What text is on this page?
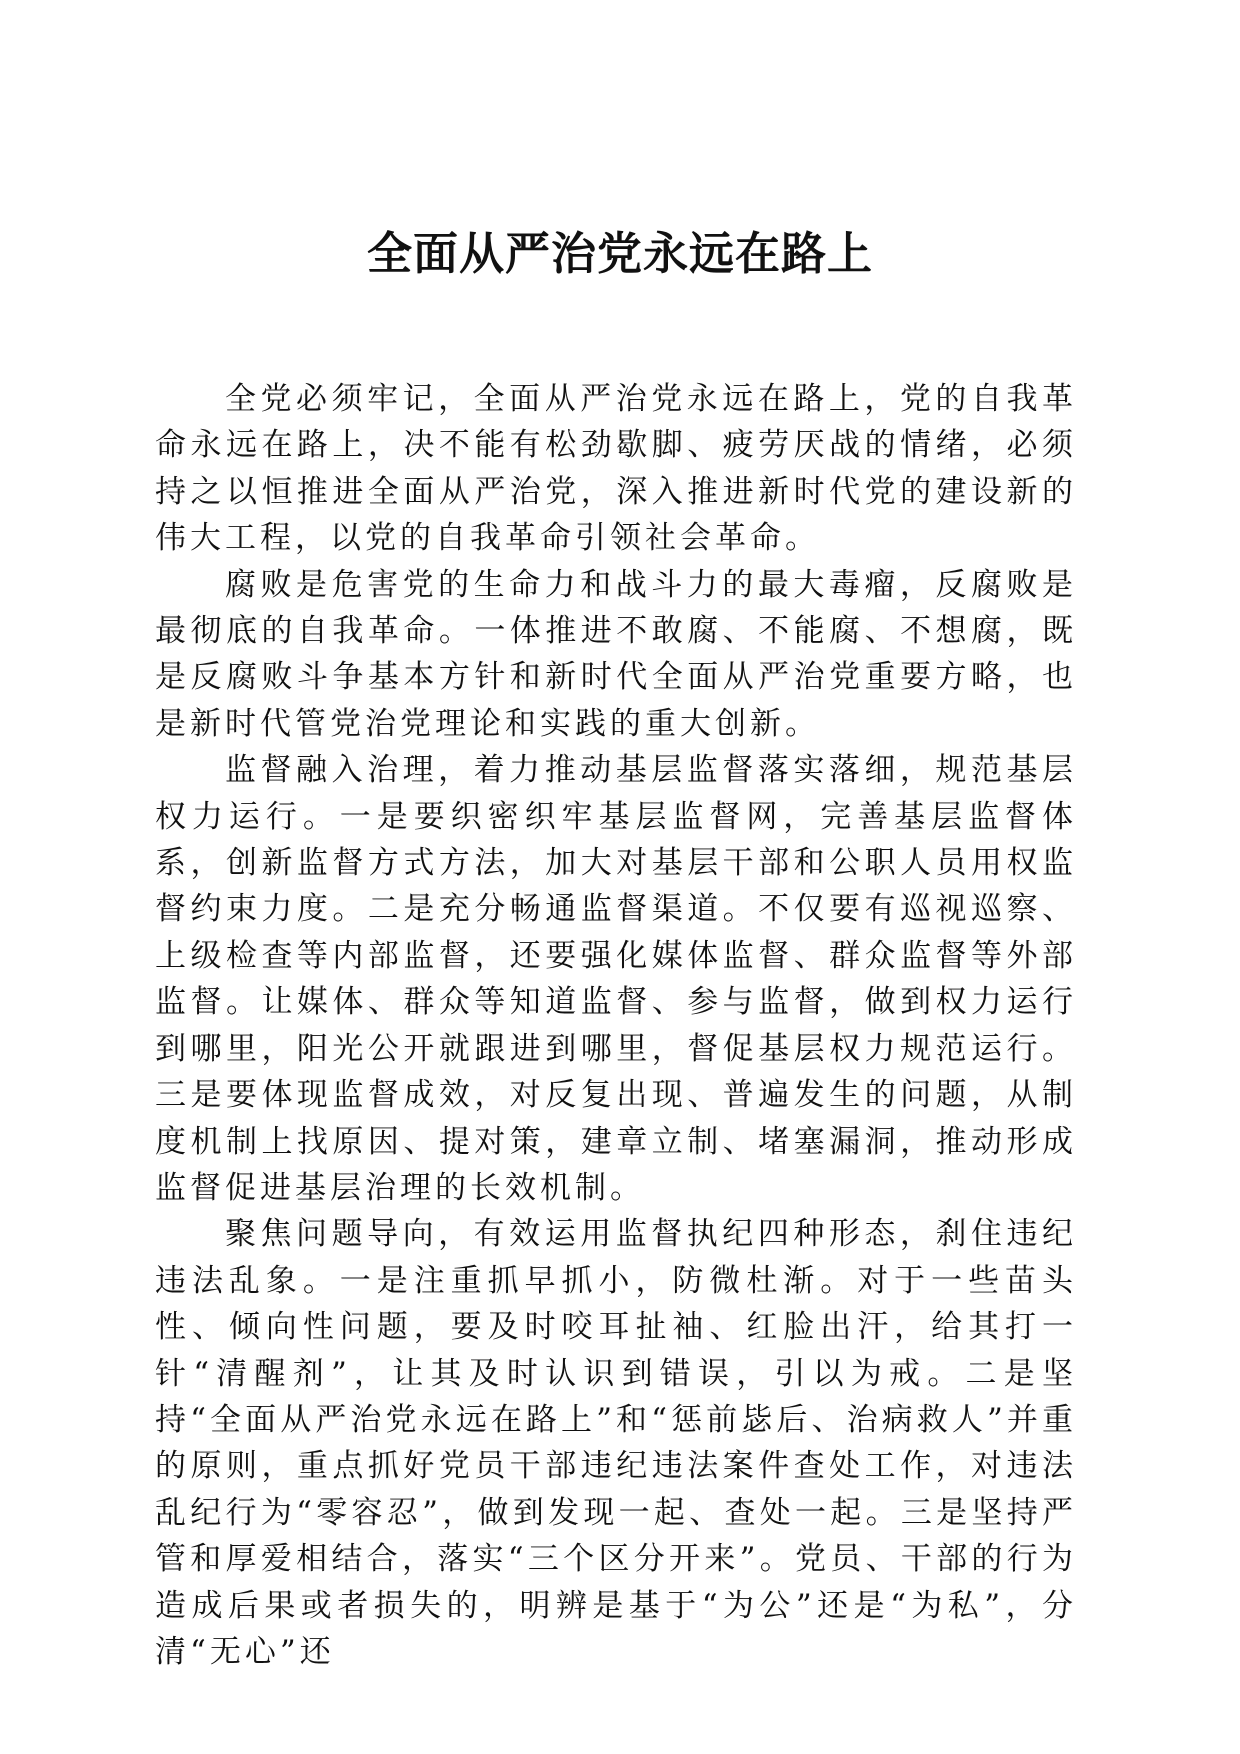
全面从严治党永远在路上

全党必须牢记，全面从严治党永远在路上，党的自我革命永远在路上，决不能有松劲歇脚、疲劳厌战的情绪，必须持之以恒推进全面从严治党，深入推进新时代党的建设新的伟大工程，以党的自我革命引领社会革命。

腐败是危害党的生命力和战斗力的最大毒瘤，反腐败是最彻底的自我革命。一体推进不敢腐、不能腐、不想腐，既是反腐败斗争基本方针和新时代全面从严治党重要方略，也是新时代管党治党理论和实践的重大创新。

监督融入治理，着力推动基层监督落实落细，规范基层权力运行。一是要织密织牢基层监督网，完善基层监督体系，创新监督方式方法，加大对基层干部和公职人员用权监督约束力度。二是充分畅通监督渠道。不仅要有巡视巡察、上级检查等内部监督，还要强化媒体监督、群众监督等外部监督。让媒体、群众等知道监督、参与监督，做到权力运行到哪里，阳光公开就跟进到哪里，督促基层权力规范运行。三是要体现监督成效，对反复出现、普遍发生的问题，从制度机制上找原因、提对策，建章立制、堵塞漏洞，推动形成监督促进基层治理的长效机制。

聚焦问题导向，有效运用监督执纪四种形态，刹住违纪违法乱象。一是注重抓早抓小，防微杜渐。对于一些苗头性、倾向性问题，要及时咬耳扯袖、红脸出汗，给其打一针“清醒剂”，让其及时认识到错误，引以为戒。二是坚持“全面从严治党永远在路上”和“惩前毖后、治病救人”并重的原则，重点抓好党员干部违纪违法案件查处工作，对违法乱纪行为“零容忍”，做到发现一起、查处一起。三是坚持严管和厚爱相结合，落实“三个区分开来”。党员、干部的行为造成后果或者损失的，明辨是基于“为公”还是“为私”，分清“无心”还
